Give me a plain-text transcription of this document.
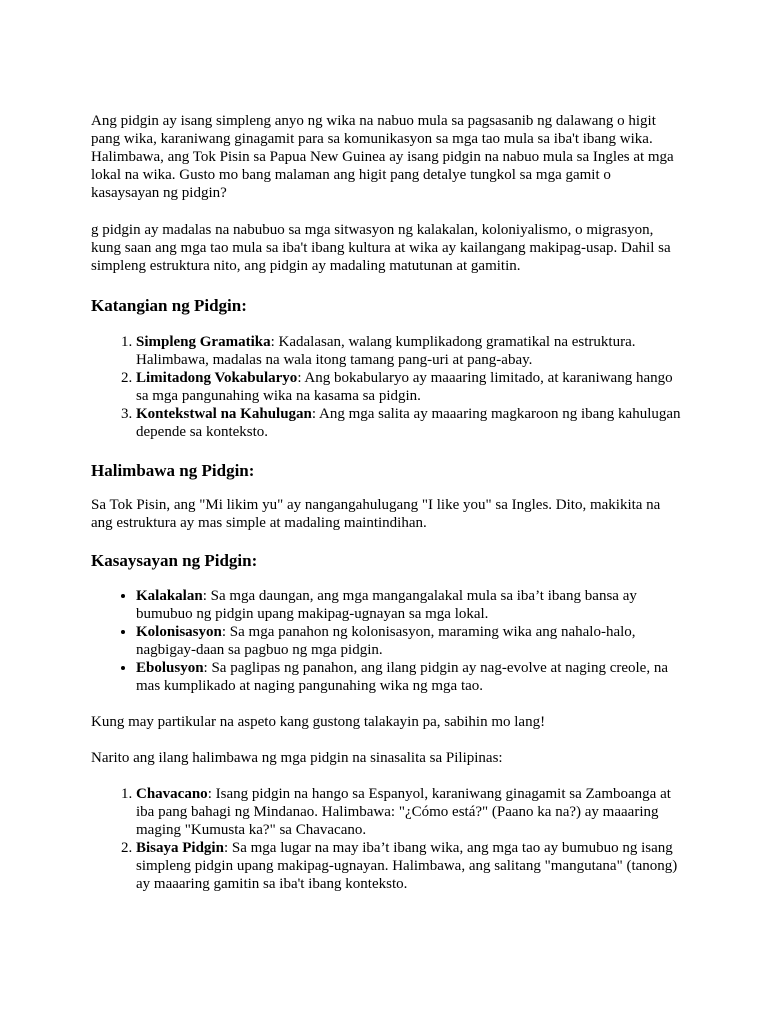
Ang pidgin ay isang simpleng anyo ng wika na nabuo mula sa pagsasanib ng dalawang o higit pang wika, karaniwang ginagamit para sa komunikasyon sa mga tao mula sa iba't ibang wika. Halimbawa, ang Tok Pisin sa Papua New Guinea ay isang pidgin na nabuo mula sa Ingles at mga lokal na wika. Gusto mo bang malaman ang higit pang detalye tungkol sa mga gamit o kasaysayan ng pidgin?

g pidgin ay madalas na nabubuo sa mga sitwasyon ng kalakalan, koloniyalismo, o migrasyon, kung saan ang mga tao mula sa iba't ibang kultura at wika ay kailangang makipag-usap. Dahil sa simpleng estruktura nito, ang pidgin ay madaling matutunan at gamitin.

Katangian ng Pidgin:
1. Simpleng Gramatika: Kadalasan, walang kumplikadong gramatikal na estruktura. Halimbawa, madalas na wala itong tamang pang-uri at pang-abay.
2. Limitadong Vokabularyo: Ang bokabularyo ay maaaring limitado, at karaniwang hango sa mga pangunahing wika na kasama sa pidgin.
3. Kontekstwal na Kahulugan: Ang mga salita ay maaaring magkaroon ng ibang kahulugan depende sa konteksto.
Halimbawa ng Pidgin:

Sa Tok Pisin, ang "Mi likim yu" ay nangangahulugang "I like you" sa Ingles. Dito, makikita na ang estruktura ay mas simple at madaling maintindihan.

Kasaysayan ng Pidgin:
• Kalakalan: Sa mga daungan, ang mga mangangalakal mula sa iba’t ibang bansa ay bumubuo ng pidgin upang makipag-ugnayan sa mga lokal.
• Kolonisasyon: Sa mga panahon ng kolonisasyon, maraming wika ang nahalo-halo, nagbigay-daan sa pagbuo ng mga pidgin.
• Ebolusyon: Sa paglipas ng panahon, ang ilang pidgin ay nag-evolve at naging creole, na mas kumplikado at naging pangunahing wika ng mga tao.

Kung may partikular na aspeto kang gustong talakayin pa, sabihin mo lang!

Narito ang ilang halimbawa ng mga pidgin na sinasalita sa Pilipinas:

1. Chavacano: Isang pidgin na hango sa Espanyol, karaniwang ginagamit sa Zamboanga at iba pang bahagi ng Mindanao. Halimbawa: "¿Cómo está?" (Paano ka na?) ay maaaring maging "Kumusta ka?" sa Chavacano.
2. Bisaya Pidgin: Sa mga lugar na may iba’t ibang wika, ang mga tao ay bumubuo ng isang simpleng pidgin upang makipag-ugnayan. Halimbawa, ang salitang "mangutana" (tanong) ay maaaring gamitin sa iba't ibang konteksto.
